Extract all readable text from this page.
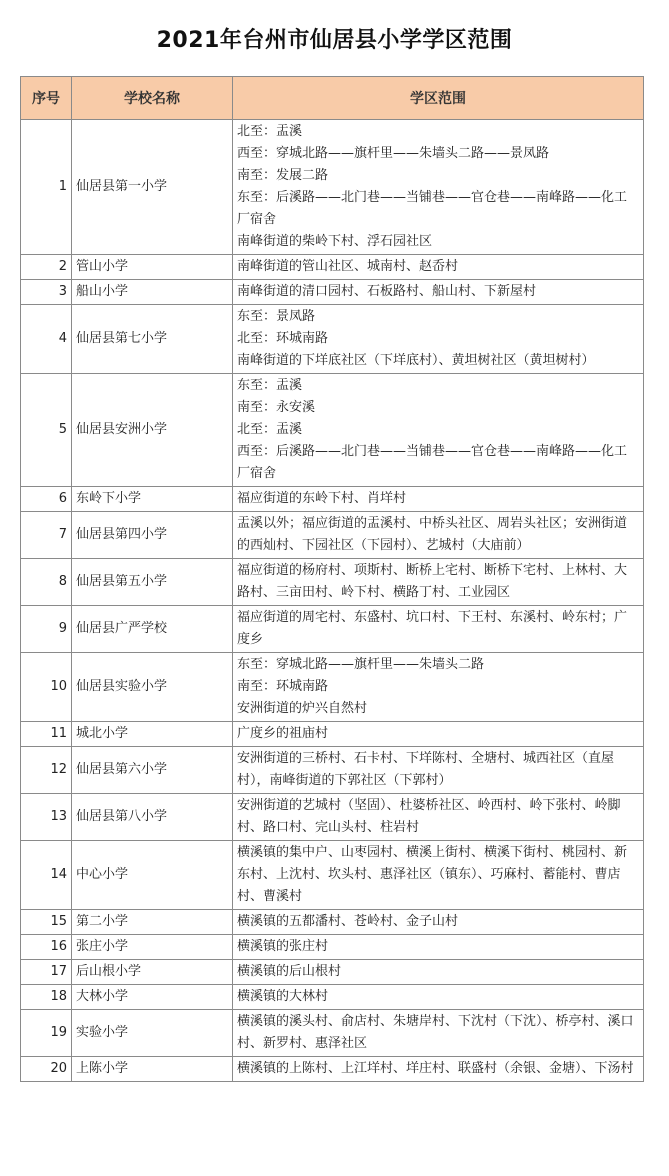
2021年台州市仙居县小学学区范围
序号	学校名称	学区范围
1	仙居县第一小学	北至：盂溪
西至：穿城北路——旗杆里——朱墙头二路——景凤路
南至：发展二路
东至：后溪路——北门巷——当铺巷——官仓巷——南峰路——化工厂宿舍
南峰街道的柴岭下村、浮石园社区

2	管山小学	南峰街道的管山社区、城南村、赵岙村

3	船山小学	南峰街道的清口园村、石板路村、船山村、下新屋村

4	仙居县第七小学	东至：景凤路
北至：环城南路
南峰街道的下垟底社区（下垟底村）、黄坦树社区（黄坦树村）

5	仙居县安洲小学	东至：盂溪
南至：永安溪
北至：盂溪
西至：后溪路——北门巷——当铺巷——官仓巷——南峰路——化工厂宿舍

6	东岭下小学	福应街道的东岭下村、肖垟村

7	仙居县第四小学	盂溪以外；福应街道的盂溪村、中桥头社区、周岩头社区；安洲街道的西灿村、下园社区（下园村）、艺城村（大庙前）

8	仙居县第五小学	福应街道的杨府村、项斯村、断桥上宅村、断桥下宅村、上林村、大路村、三亩田村、岭下村、横路丁村、工业园区

9	仙居县广严学校	福应街道的周宅村、东盛村、坑口村、下王村、东溪村、岭东村；广度乡

10	仙居县实验小学	东至：穿城北路——旗杆里——朱墙头二路
南至：环城南路
安洲街道的炉兴自然村

11	城北小学	广度乡的祖庙村

12	仙居县第六小学	安洲街道的三桥村、石卡村、下垟陈村、全塘村、城西社区（直屋村），南峰街道的下郭社区（下郭村）

13	仙居县第八小学	安洲街道的艺城村（坚固）、杜婆桥社区、岭西村、岭下张村、岭脚村、路口村、完山头村、柱岩村

14	中心小学	横溪镇的集中户、山枣园村、横溪上街村、横溪下街村、桃园村、新东村、上沈村、坎头村、惠泽社区（镇东）、巧麻村、蓄能村、曹店村、曹溪村

15	第二小学	横溪镇的五都潘村、苍岭村、金子山村

16	张庄小学	横溪镇的张庄村

17	后山根小学	横溪镇的后山根村

18	大林小学	横溪镇的大林村

19	实验小学	横溪镇的溪头村、俞店村、朱塘岸村、下沈村（下沈）、桥亭村、溪口村、新罗村、惠泽社区

20	上陈小学	横溪镇的上陈村、上江垟村、垟庄村、联盛村（余银、金塘）、下汤村
